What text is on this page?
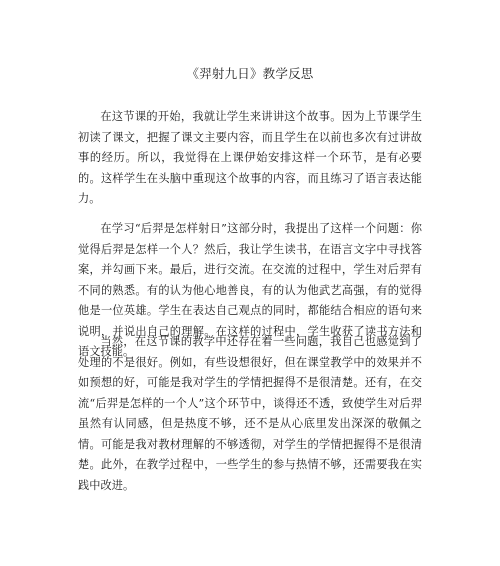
《羿射九日》教学反思

在这节课的开始，我就让学生来讲讲这个故事。因为上节课学生初读了课文，把握了课文主要内容，而且学生在以前也多次有过讲故事的经历。所以，我觉得在上课伊始安排这样一个环节，是有必要的。这样学生在头脑中重现这个故事的内容，而且练习了语言表达能力。

在学习“后羿是怎样射日”这部分时，我提出了这样一个问题：你觉得后羿是怎样一个人？然后，我让学生读书，在语言文字中寻找答案，并勾画下来。最后，进行交流。在交流的过程中，学生对后羿有不同的熟悉。有的认为他心地善良，有的认为他武艺高强，有的觉得他是一位英雄。学生在表达自己观点的同时，都能结合相应的语句来说明，并说出自己的理解。在这样的过程中，学生收获了读书方法和语文技能。

当然，在这节课的教学中还存在着一些问题，我自己也感觉到了处理的不是很好。例如，有些设想很好，但在课堂教学中的效果并不如预想的好，可能是我对学生的学情把握得不是很清楚。还有，在交流“后羿是怎样的一个人”这个环节中，谈得还不透，致使学生对后羿虽然有认同感，但是热度不够，还不是从心底里发出深深的敬佩之情。可能是我对教材理解的不够透彻，对学生的学情把握得不是很清楚。此外，在教学过程中，一些学生的参与热情不够，还需要我在实践中改进。
